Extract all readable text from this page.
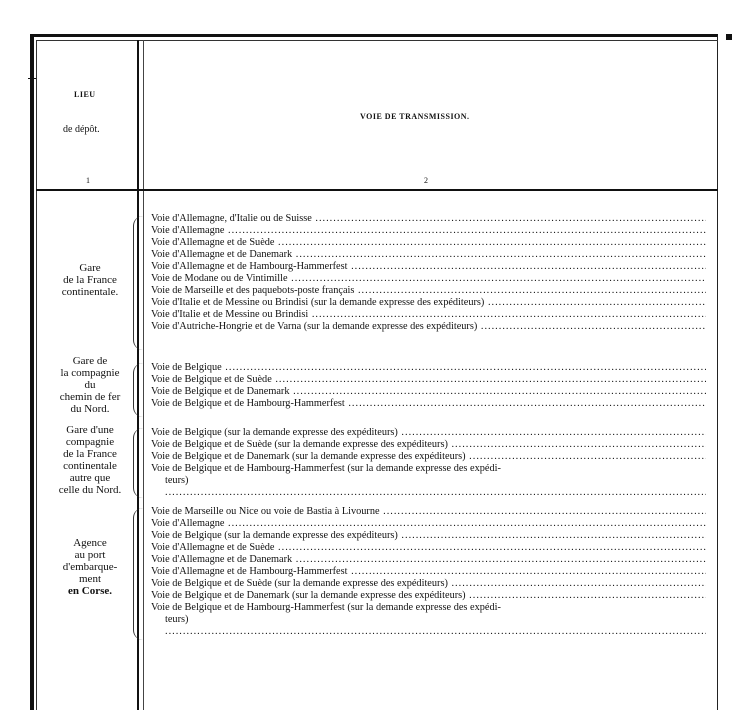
LIEU
de dépôt.
1
VOIE DE TRANSMISSION.
2
Gare
de la France
continentale.
Voie d'Allemagne, d'Italie ou de Suisse .....
Voie d'Allemagne .....
Voie d'Allemagne et de Suède .....
Voie d'Allemagne et de Danemark .....
Voie d'Allemagne et de Hambourg-Hammerfest .....
Voie de Modane ou de Vintimille .....
Voie de Marseille et des paquebots-poste français .....
Voie d'Italie et de Messine ou Brindisi (sur la demande expresse des expéditeurs) .....
Voie d'Italie et de Messine ou Brindisi .....
Voie d'Autriche-Hongrie et de Varna (sur la demande expresse des expéditeurs) .....
Gare de
la compagnie
du
chemin de fer
du Nord.
Voie de Belgique .....
Voie de Belgique et de Suède .....
Voie de Belgique et de Danemark .....
Voie de Belgique et de Hambourg-Hammerfest .....
Gare d'une
compagnie
de la France
continentale
autre que
celle du Nord.
Voie de Belgique (sur la demande expresse des expéditeurs) .....
Voie de Belgique et de Suède (sur la demande expresse des expéditeurs) .....
Voie de Belgique et de Danemark (sur la demande expresse des expéditeurs) .....
Voie de Belgique et de Hambourg-Hammerfest (sur la demande expresse des expédi-
teurs) .....
Agence
au port
d'embarque-
ment
en Corse.
Voie de Marseille ou Nice ou voie de Bastia à Livourne .....
Voie d'Allemagne .....
Voie de Belgique (sur la demande expresse des expéditeurs) .....
Voie d'Allemagne et de Suède .....
Voie d'Allemagne et de Danemark .....
Voie d'Allemagne et de Hambourg-Hammerfest .....
Voie de Belgique et de Suède (sur la demande expresse des expéditeurs) .....
Voie de Belgique et de Danemark (sur la demande expresse des expéditeurs) .....
Voie de Belgique et de Hambourg-Hammerfest (sur la demande expresse des expédi-
teurs) .....
